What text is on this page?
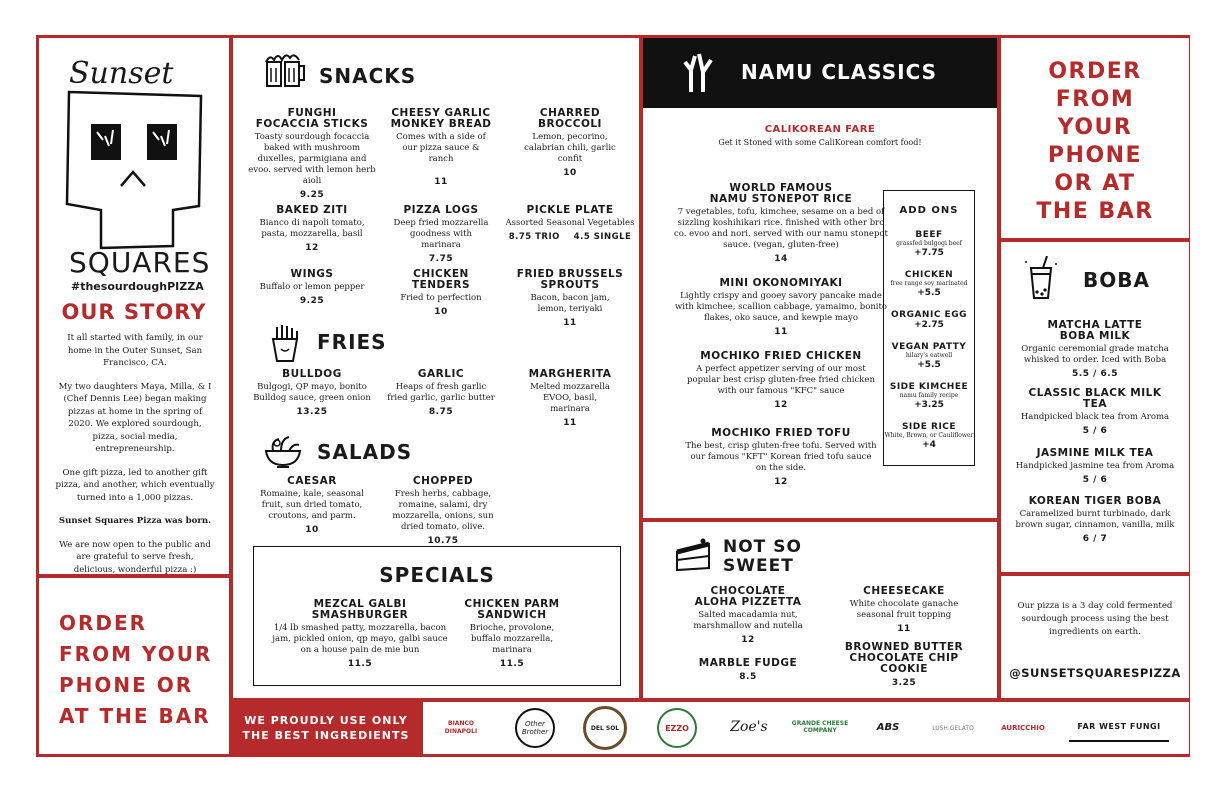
Sunset
SQUARES
#thesourdoughPIZZA
OUR STORY

It all started with family, in our home in the Outer Sunset, San Francisco, CA.

My two daughters Maya, Milla, & I (Chef Dennis Lee) began making pizzas at home in the spring of 2020. We explored sourdough, pizza, social media, entrepreneurship.

One gift pizza, led to another gift pizza, and another, which eventually turned into a 1,000 pizzas.

Sunset Squares Pizza was born.

We are now open to the public and are grateful to serve fresh, delicious, wonderful pizza :)

ORDER
FROM YOUR
PHONE OR
AT THE BAR
SNACKS
FUNGHI
FOCACCIA STICKS
Toasty sourdough focaccia baked with mushroom duxelles, parmigiana and evoo. served with lemon herb aioli
9.25
CHEESY GARLIC
MONKEY BREAD
Comes with a side of our pizza sauce & ranch
11
CHARRED
BROCCOLI
Lemon, pecorino, calabrian chili, garlic confit
10
BAKED ZITI
Bianco di napoli tomato, pasta, mozzarella, basil
12
PIZZA LOGS
Deep fried mozzarella goodness with marinara
7.75
PICKLE PLATE
Assorted Seasonal Vegetables
8.75 TRIO    4.5 SINGLE
WINGS
Buffalo or lemon pepper
9.25
CHICKEN
TENDERS
Fried to perfection
10
FRIED BRUSSELS
SPROUTS
Bacon, bacon jam, lemon, teriyaki
11
FRIES
BULLDOG
Bulgogi, QP mayo, bonito Bulldog sauce, green onion
13.25
GARLIC
Heaps of fresh garlic fried garlic, garlic butter
8.75
MARGHERITA
Melted mozzarella EVOO, basil, marinara
11
SALADS
CAESAR
Romaine, kale, seasonal fruit, sun dried tomato, croutons, and parm.
10
CHOPPED
Fresh herbs, cabbage, romaine, salami, dry mozzarella, onions, sun dried tomato, olive.
10.75
SPECIALS
MEZCAL GALBI
SMASHBURGER
1/4 lb smashed patty, mozzarella, bacon jam, pickled onion, qp mayo, galbi sauce on a house pain de mie bun
11.5
CHICKEN PARM
SANDWICH
Brioche, provolone, buffalo mozzarella, marinara
11.5
WE PROUDLY USE ONLY
THE BEST INGREDIENTS
BIANCO DINAPOLI
Other Brother	DEL SOL	EZZO	Zoe's	GRANDE CHEESE COMPANY	ABS	LUSH GELATO	AURICCHIO	FAR WEST FUNGI
NAMU CLASSICS
CALIKOREAN FARE
Get it Stoned with some CaliKorean comfort food!
WORLD FAMOUS
NAMU STONEPOT RICE
7 vegetables, tofu, kimchee, sesame on a bed of sizzling koshihikari rice. finished with other bro co. evoo and nori. served with our namu stonepot sauce. (vegan, gluten-free)
14
MINI OKONOMIYAKI
Lightly crispy and gooey savory pancake made with kimchee, scallion cabbage, yamaimo, bonito flakes, oko sauce, and kewpie mayo
11
MOCHIKO FRIED CHICKEN
A perfect appetizer serving of our most popular best crisp gluten-free fried chicken with our famous "KFC" sauce
12
MOCHIKO FRIED TOFU
The best, crisp gluten-free tofu. Served with our famous "KFT" Korean fried tofu sauce on the side.
12
ADD ONS
BEEF
grassfed bulgogi beef
+7.75
CHICKEN
free range soy marinated
+5.5
ORGANIC EGG
+2.75
VEGAN PATTY
hilary's eatwell
+5.5
SIDE KIMCHEE
namu family recipe
+3.25
SIDE RICE
White, Brown, or Cauliflower
+4
NOT SO
SWEET
CHOCOLATE
ALOHA PIZZETTA
Salted macadamia nut, marshmallow and nutella
12
CHEESECAKE
White chocolate ganache seasonal fruit topping
11
MARBLE FUDGE
8.5
BROWNED BUTTER
CHOCOLATE CHIP
COOKIE
3.25
ORDER
FROM
YOUR
PHONE
OR AT
THE BAR
BOBA
MATCHA LATTE
BOBA MILK
Organic ceremonial grade matcha whisked to order. Iced with Boba
5.5 / 6.5
CLASSIC BLACK MILK
TEA
Handpicked black tea from Aroma
5 / 6
JASMINE MILK TEA
Handpicked jasmine tea from Aroma
5 / 6
KOREAN TIGER BOBA
Caramelized burnt turbinado, dark brown sugar, cinnamon, vanilla, milk
6 / 7
Our pizza is a 3 day cold fermented sourdough process using the best ingredients on earth.
@SUNSETSQUARESPIZZA
